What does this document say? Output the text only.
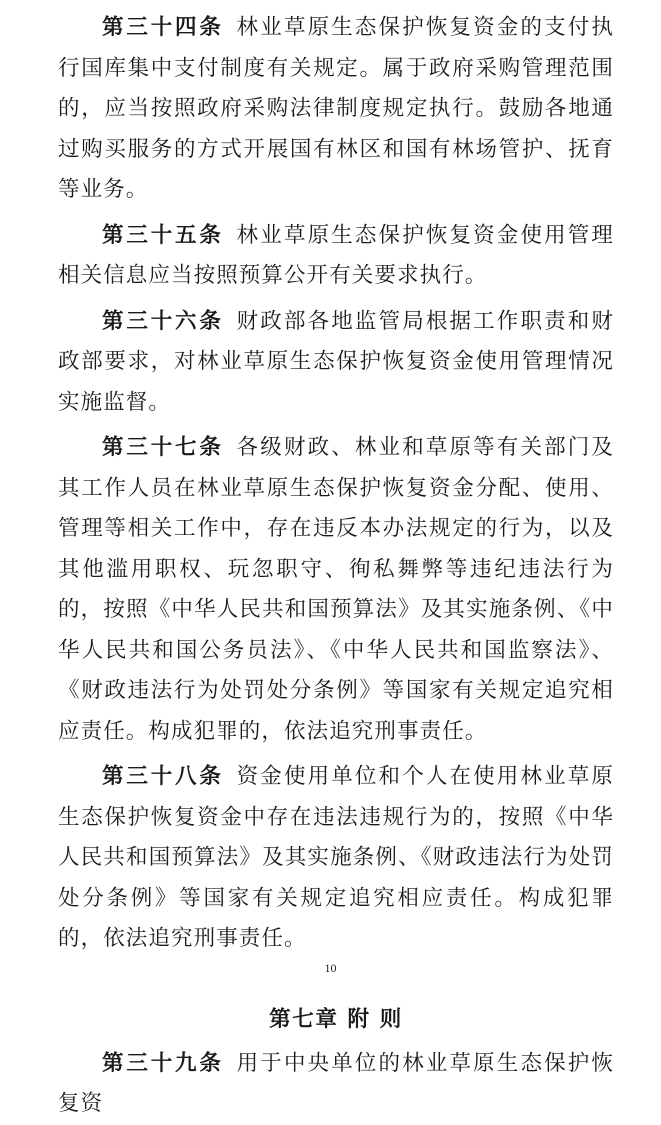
第三十四条  林业草原生态保护恢复资金的支付执行国库集中支付制度有关规定。属于政府采购管理范围的，应当按照政府采购法律制度规定执行。鼓励各地通过购买服务的方式开展国有林区和国有林场管护、抚育等业务。

第三十五条  林业草原生态保护恢复资金使用管理相关信息应当按照预算公开有关要求执行。

第三十六条  财政部各地监管局根据工作职责和财政部要求，对林业草原生态保护恢复资金使用管理情况实施监督。

第三十七条  各级财政、林业和草原等有关部门及其工作人员在林业草原生态保护恢复资金分配、使用、管理等相关工作中，存在违反本办法规定的行为，以及其他滥用职权、玩忽职守、徇私舞弊等违纪违法行为的，按照《中华人民共和国预算法》及其实施条例、《中华人民共和国公务员法》、《中华人民共和国监察法》、《财政违法行为处罚处分条例》等国家有关规定追究相应责任。构成犯罪的，依法追究刑事责任。

第三十八条  资金使用单位和个人在使用林业草原生态保护恢复资金中存在违法违规行为的，按照《中华人民共和国预算法》及其实施条例、《财政违法行为处罚处分条例》等国家有关规定追究相应责任。构成犯罪的，依法追究刑事责任。

第七章 附 则

第三十九条  用于中央单位的林业草原生态保护恢复资

10
